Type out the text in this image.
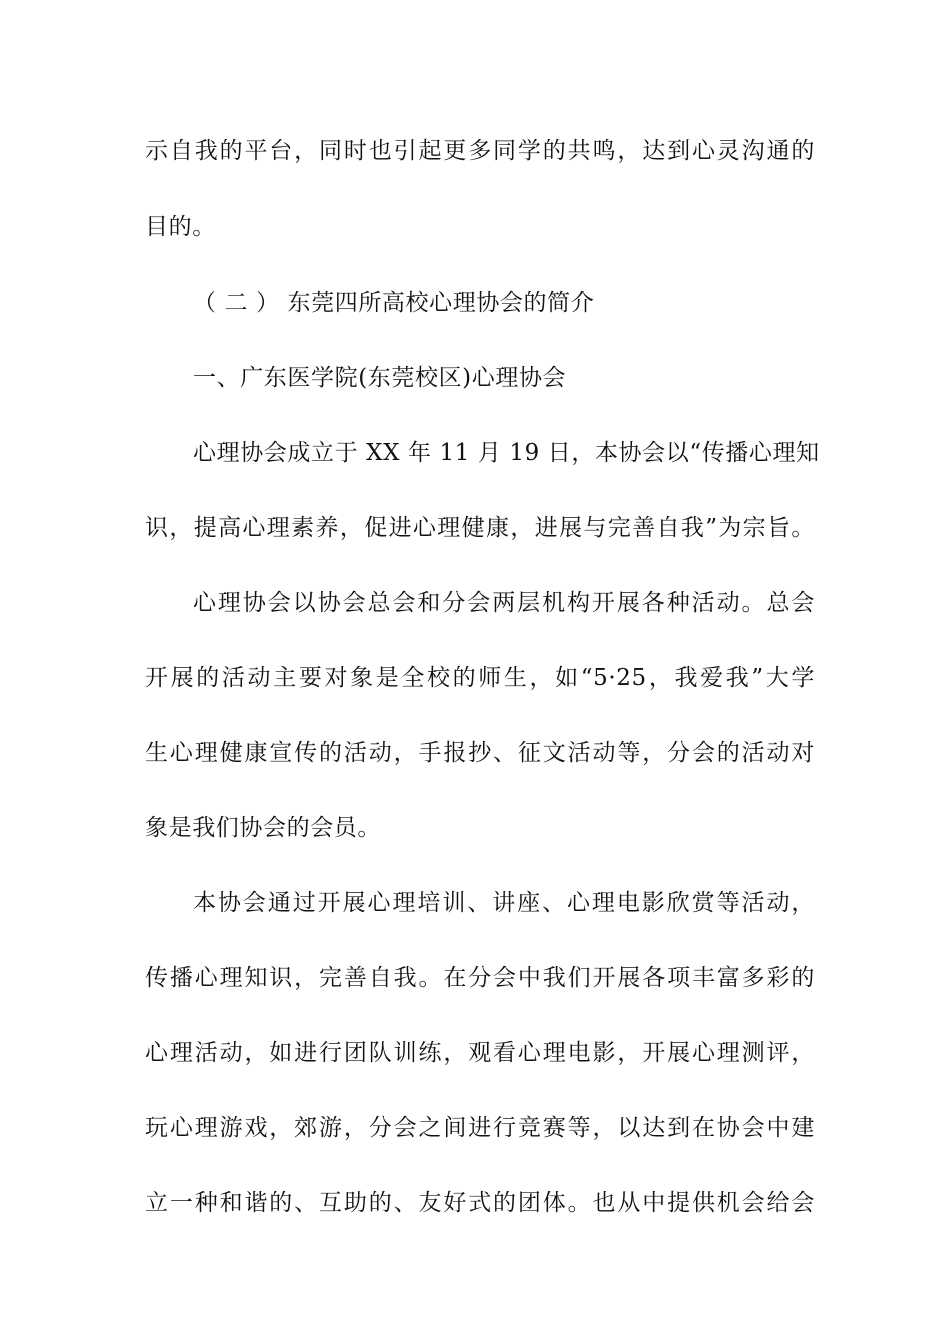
示自我的平台，同时也引起更多同学的共鸣，达到心灵沟通的
目的。
（ 二 ） 东莞四所高校心理协会的简介
一、广东医学院(东莞校区)心理协会
心理协会成立于 XX 年 11 月 19 日，本协会以“传播心理知
识，提高心理素养，促进心理健康，进展与完善自我”为宗旨。
心理协会以协会总会和分会两层机构开展各种活动。总会
开展的活动主要对象是全校的师生，如“5·25，我爱我”大学
生心理健康宣传的活动，手报抄、征文活动等，分会的活动对
象是我们协会的会员。
本协会通过开展心理培训、讲座、心理电影欣赏等活动，
传播心理知识，完善自我。在分会中我们开展各项丰富多彩的
心理活动，如进行团队训练，观看心理电影，开展心理测评，
玩心理游戏，郊游，分会之间进行竞赛等，以达到在协会中建
立一种和谐的、互助的、友好式的团体。也从中提供机会给会
